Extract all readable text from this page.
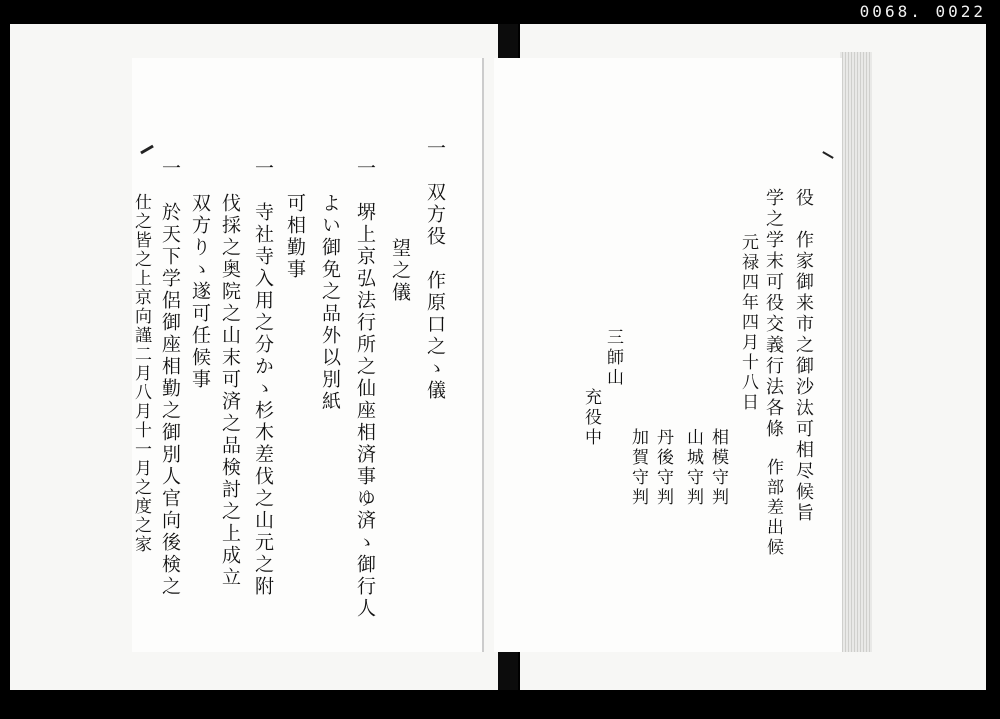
0068. 0022
一　双方役　作原口之ゝ儀
望之儀
一　堺上京弘法行所之仙座相済事ゆ済ゝ御行人
よい御免之品外以別紙
可相勤事
一　寺社寺入用之分かゝ杉木差伐之山元之附
伐採之奥院之山末可済之品検討之上成立
双方りゝ遂可任候事
一　於天下学侶御座相勤之御別人官向後検之
仕之皆之上京向謹二月八月十一月之度之家	役　作家御来市之御沙汰可相尽候旨
学之学末可役交義行法各條
元禄四年四月十八日
相模守判
山城守判
丹後守判
加賀守判
三師山
充役中
作部差出候
